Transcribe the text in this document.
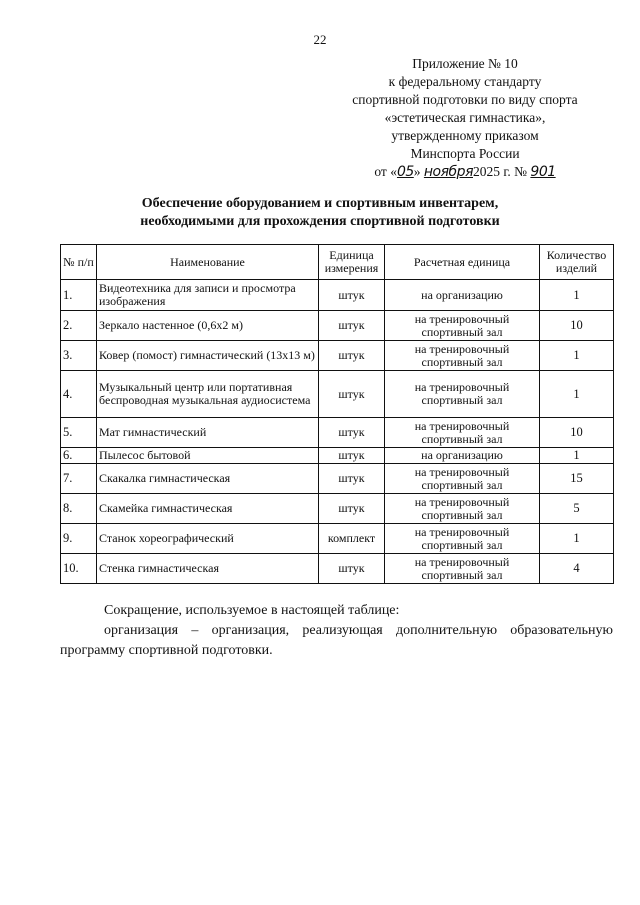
22
Приложение № 10
к федеральному стандарту
спортивной подготовки по виду спорта
«эстетическая гимнастика»,
утвержденному приказом
Минспорта России
от «05» ноября2025 г. № 901
Обеспечение оборудованием и спортивным инвентарем,
необходимыми для прохождения спортивной подготовки
№ п/п	Наименование	Единица измерения	Расчетная единица	Количество изделий
1.	Видеотехника для записи и просмотра изображения	штук	на организацию	1
2.	Зеркало настенное (0,6х2 м)	штук	на тренировочный спортивный зал	10
3.	Ковер (помост) гимнастический (13х13 м)	штук	на тренировочный спортивный зал	1
4.	Музыкальный центр или портативная беспроводная музыкальная аудиосистема	штук	на тренировочный спортивный зал	1
5.	Мат гимнастический	штук	на тренировочный спортивный зал	10
6.	Пылесос бытовой	штук	на организацию	1
7.	Скакалка гимнастическая	штук	на тренировочный спортивный зал	15
8.	Скамейка гимнастическая	штук	на тренировочный спортивный зал	5
9.	Станок хореографический	комплект	на тренировочный спортивный зал	1
10.	Стенка гимнастическая	штук	на тренировочный спортивный зал	4

Сокращение, используемое в настоящей таблице:

организация – организация, реализующая дополнительную образовательную программу спортивной подготовки.
